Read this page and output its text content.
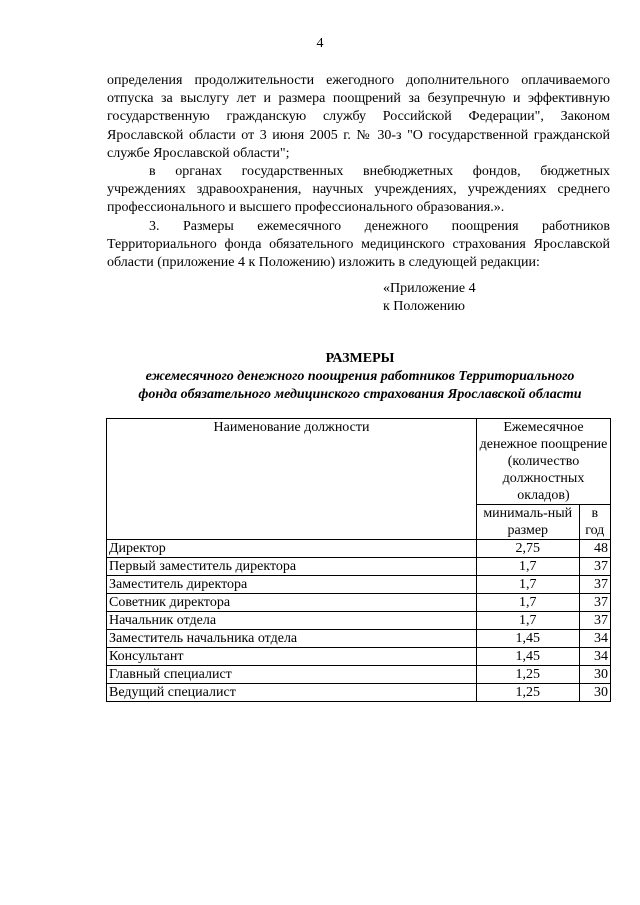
4

определения продолжительности ежегодного дополнительного оплачиваемого отпуска за выслугу лет и размера поощрений за безупречную и эффективную государственную гражданскую службу Российской Федерации", Законом Ярославской области от 3 июня 2005 г. № 30-з "О государственной гражданской службе Ярославской области";

в органах государственных внебюджетных фондов, бюджетных учреждениях здравоохранения, научных учреждениях, учреждениях среднего профессионального и высшего профессионального образования.».

3. Размеры ежемесячного денежного поощрения работников Территориального фонда обязательного медицинского страхования Ярославской области (приложение 4 к Положению) изложить в следующей редакции:

«Приложение 4
к Положению
РАЗМЕРЫ
ежемесячного денежного поощрения работников Территориального
фонда обязательного медицинского страхования Ярославской области
Наименование должности	Ежемесячное денежное поощрение (количество должностных окладов)	
	минималь-ный размер	в год
Директор	2,75	48
Первый заместитель директора	1,7	37
Заместитель директора	1,7	37
Советник директора	1,7	37
Начальник отдела	1,7	37
Заместитель начальника отдела	1,45	34
Консультант	1,45	34
Главный специалист	1,25	30
Ведущий специалист	1,25	30
